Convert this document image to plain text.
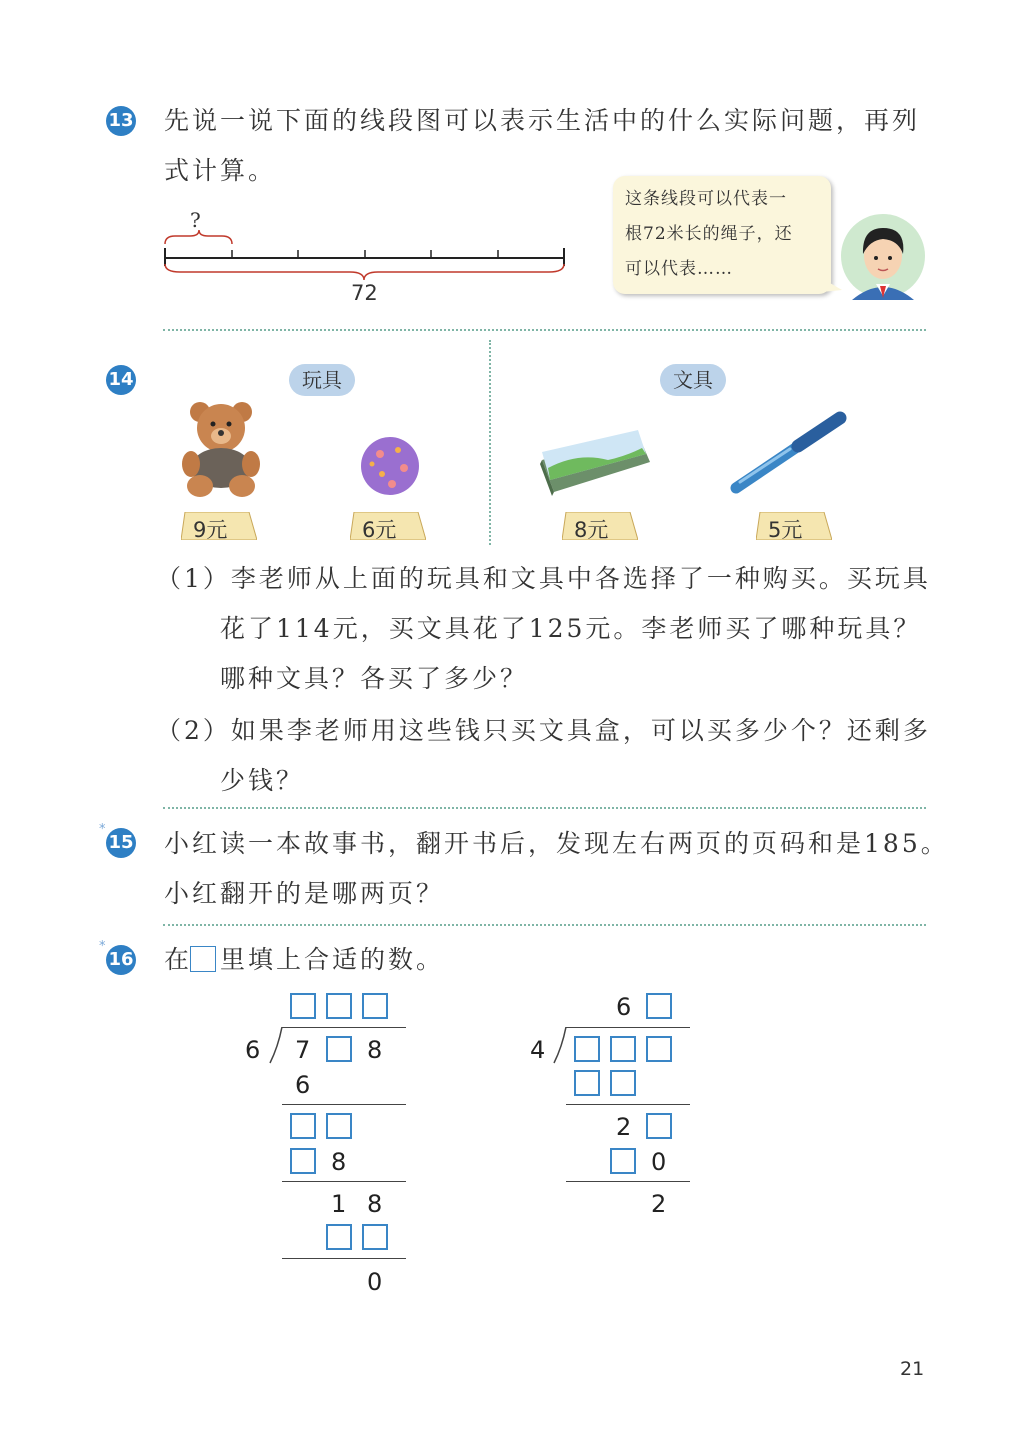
13 先说一说下面的线段图可以表示生活中的什么实际问题，再列
式计算。
?
72
这条线段可以代表一
根72米长的绳子，还
可以代表……
14	玩具	文具
9元	6元	8元	5元
（1）李老师从上面的玩具和文具中各选择了一种购买。买玩具
花了114元，买文具花了125元。李老师买了哪种玩具？
哪种文具？各买了多少？
（2）如果李老师用这些钱只买文具盒，可以买多少个？还剩多
少钱？
*
15 小红读一本故事书，翻开书后，发现左右两页的页码和是185。
小红翻开的是哪两页？
*
16 在 里填上合适的数。
6 7 8
6
8
1 8
0
6
4
2
0
2
21
